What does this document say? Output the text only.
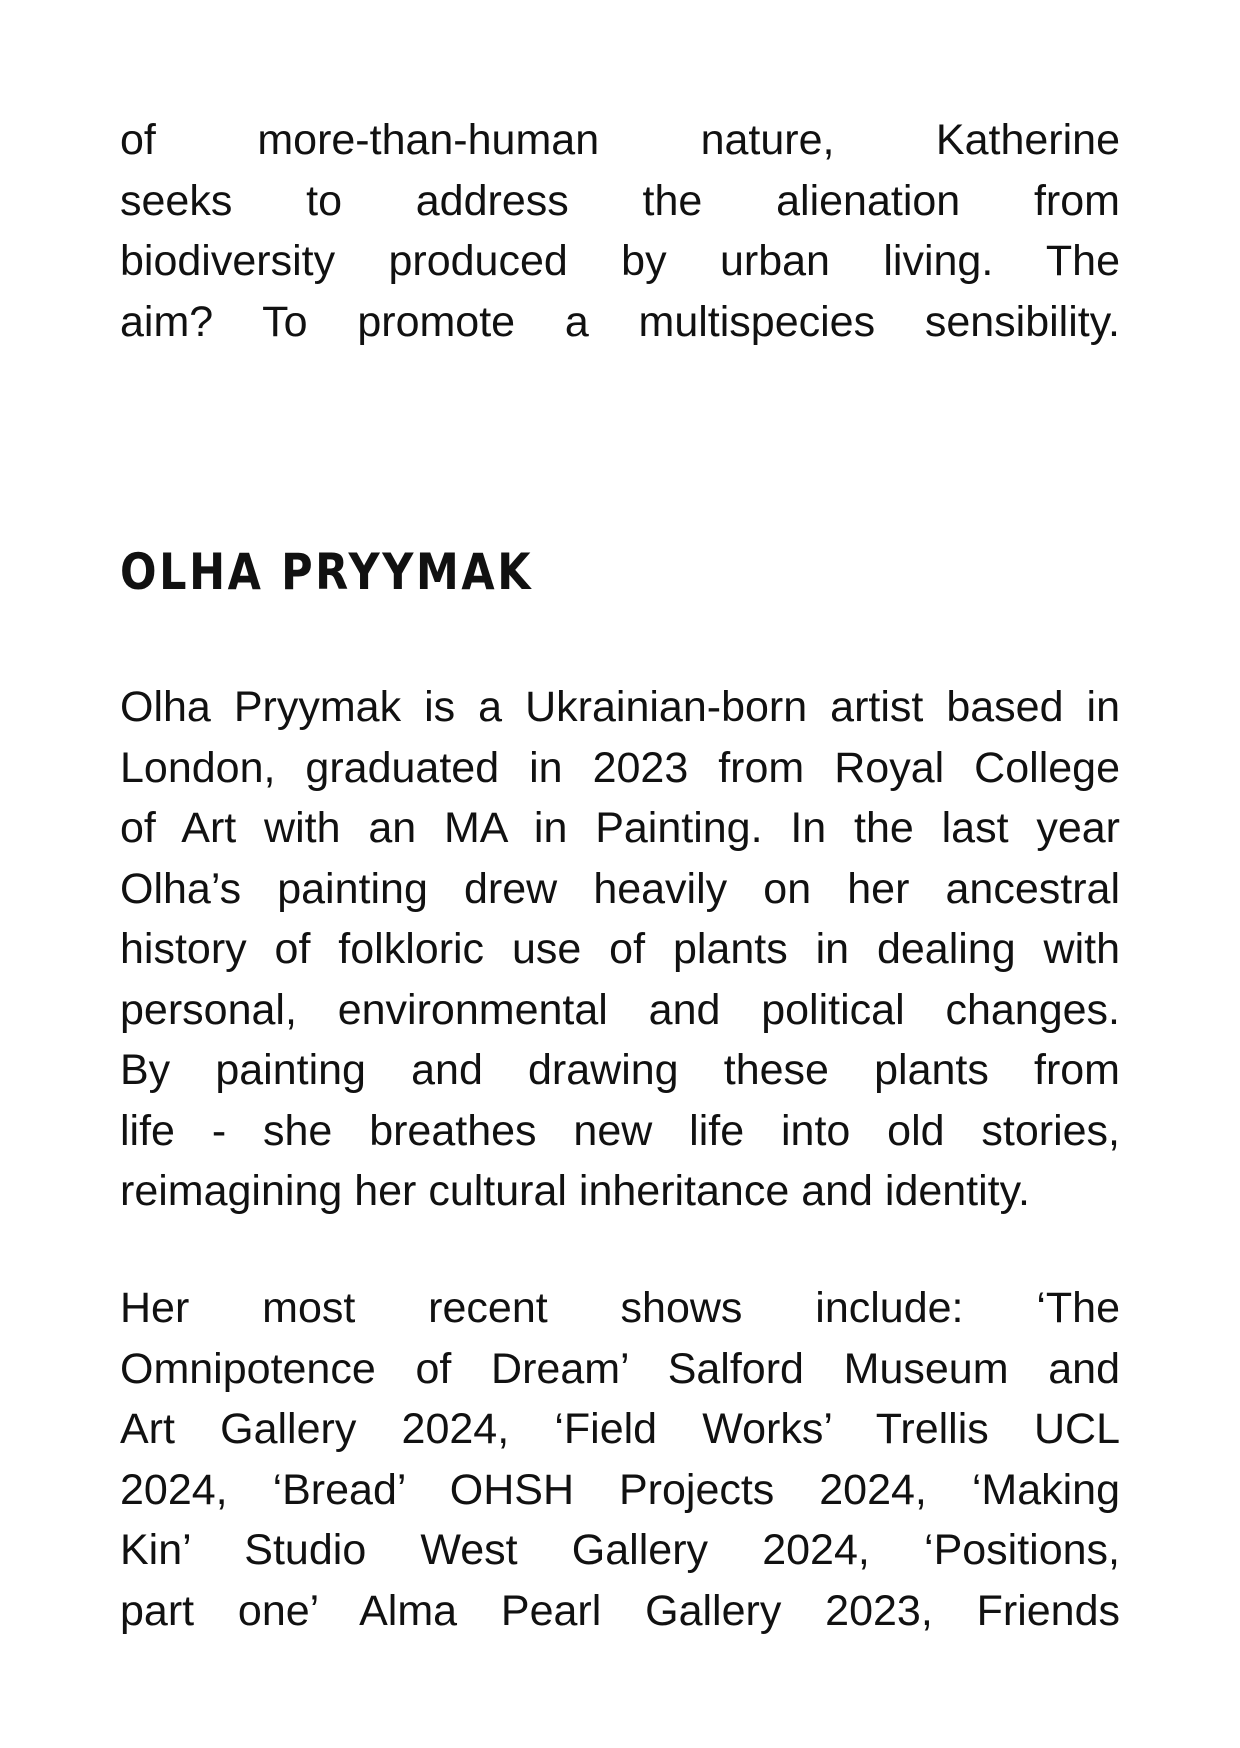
of more-than-human nature, Katherine
seeks to address the alienation from
biodiversity produced by urban living. The
aim? To promote a multispecies sensibility.

OLHA PRYYMAK

Olha Pryymak is a Ukrainian-born artist based in
London, graduated in 2023 from Royal College
of Art with an MA in Painting. In the last year
Olha’s painting drew heavily on her ancestral
history of folkloric use of plants in dealing with
personal, environmental and political changes.
By painting and drawing these plants from
life - she breathes new life into old stories,
reimagining her cultural inheritance and identity.

Her most recent shows include: ‘The
Omnipotence of Dream’ Salford Museum and
Art Gallery 2024, ‘Field Works’ Trellis UCL
2024, ‘Bread’ OHSH Projects 2024, ‘Making
Kin’ Studio West Gallery 2024, ‘Positions,
part one’ Alma Pearl Gallery 2023, Friends
